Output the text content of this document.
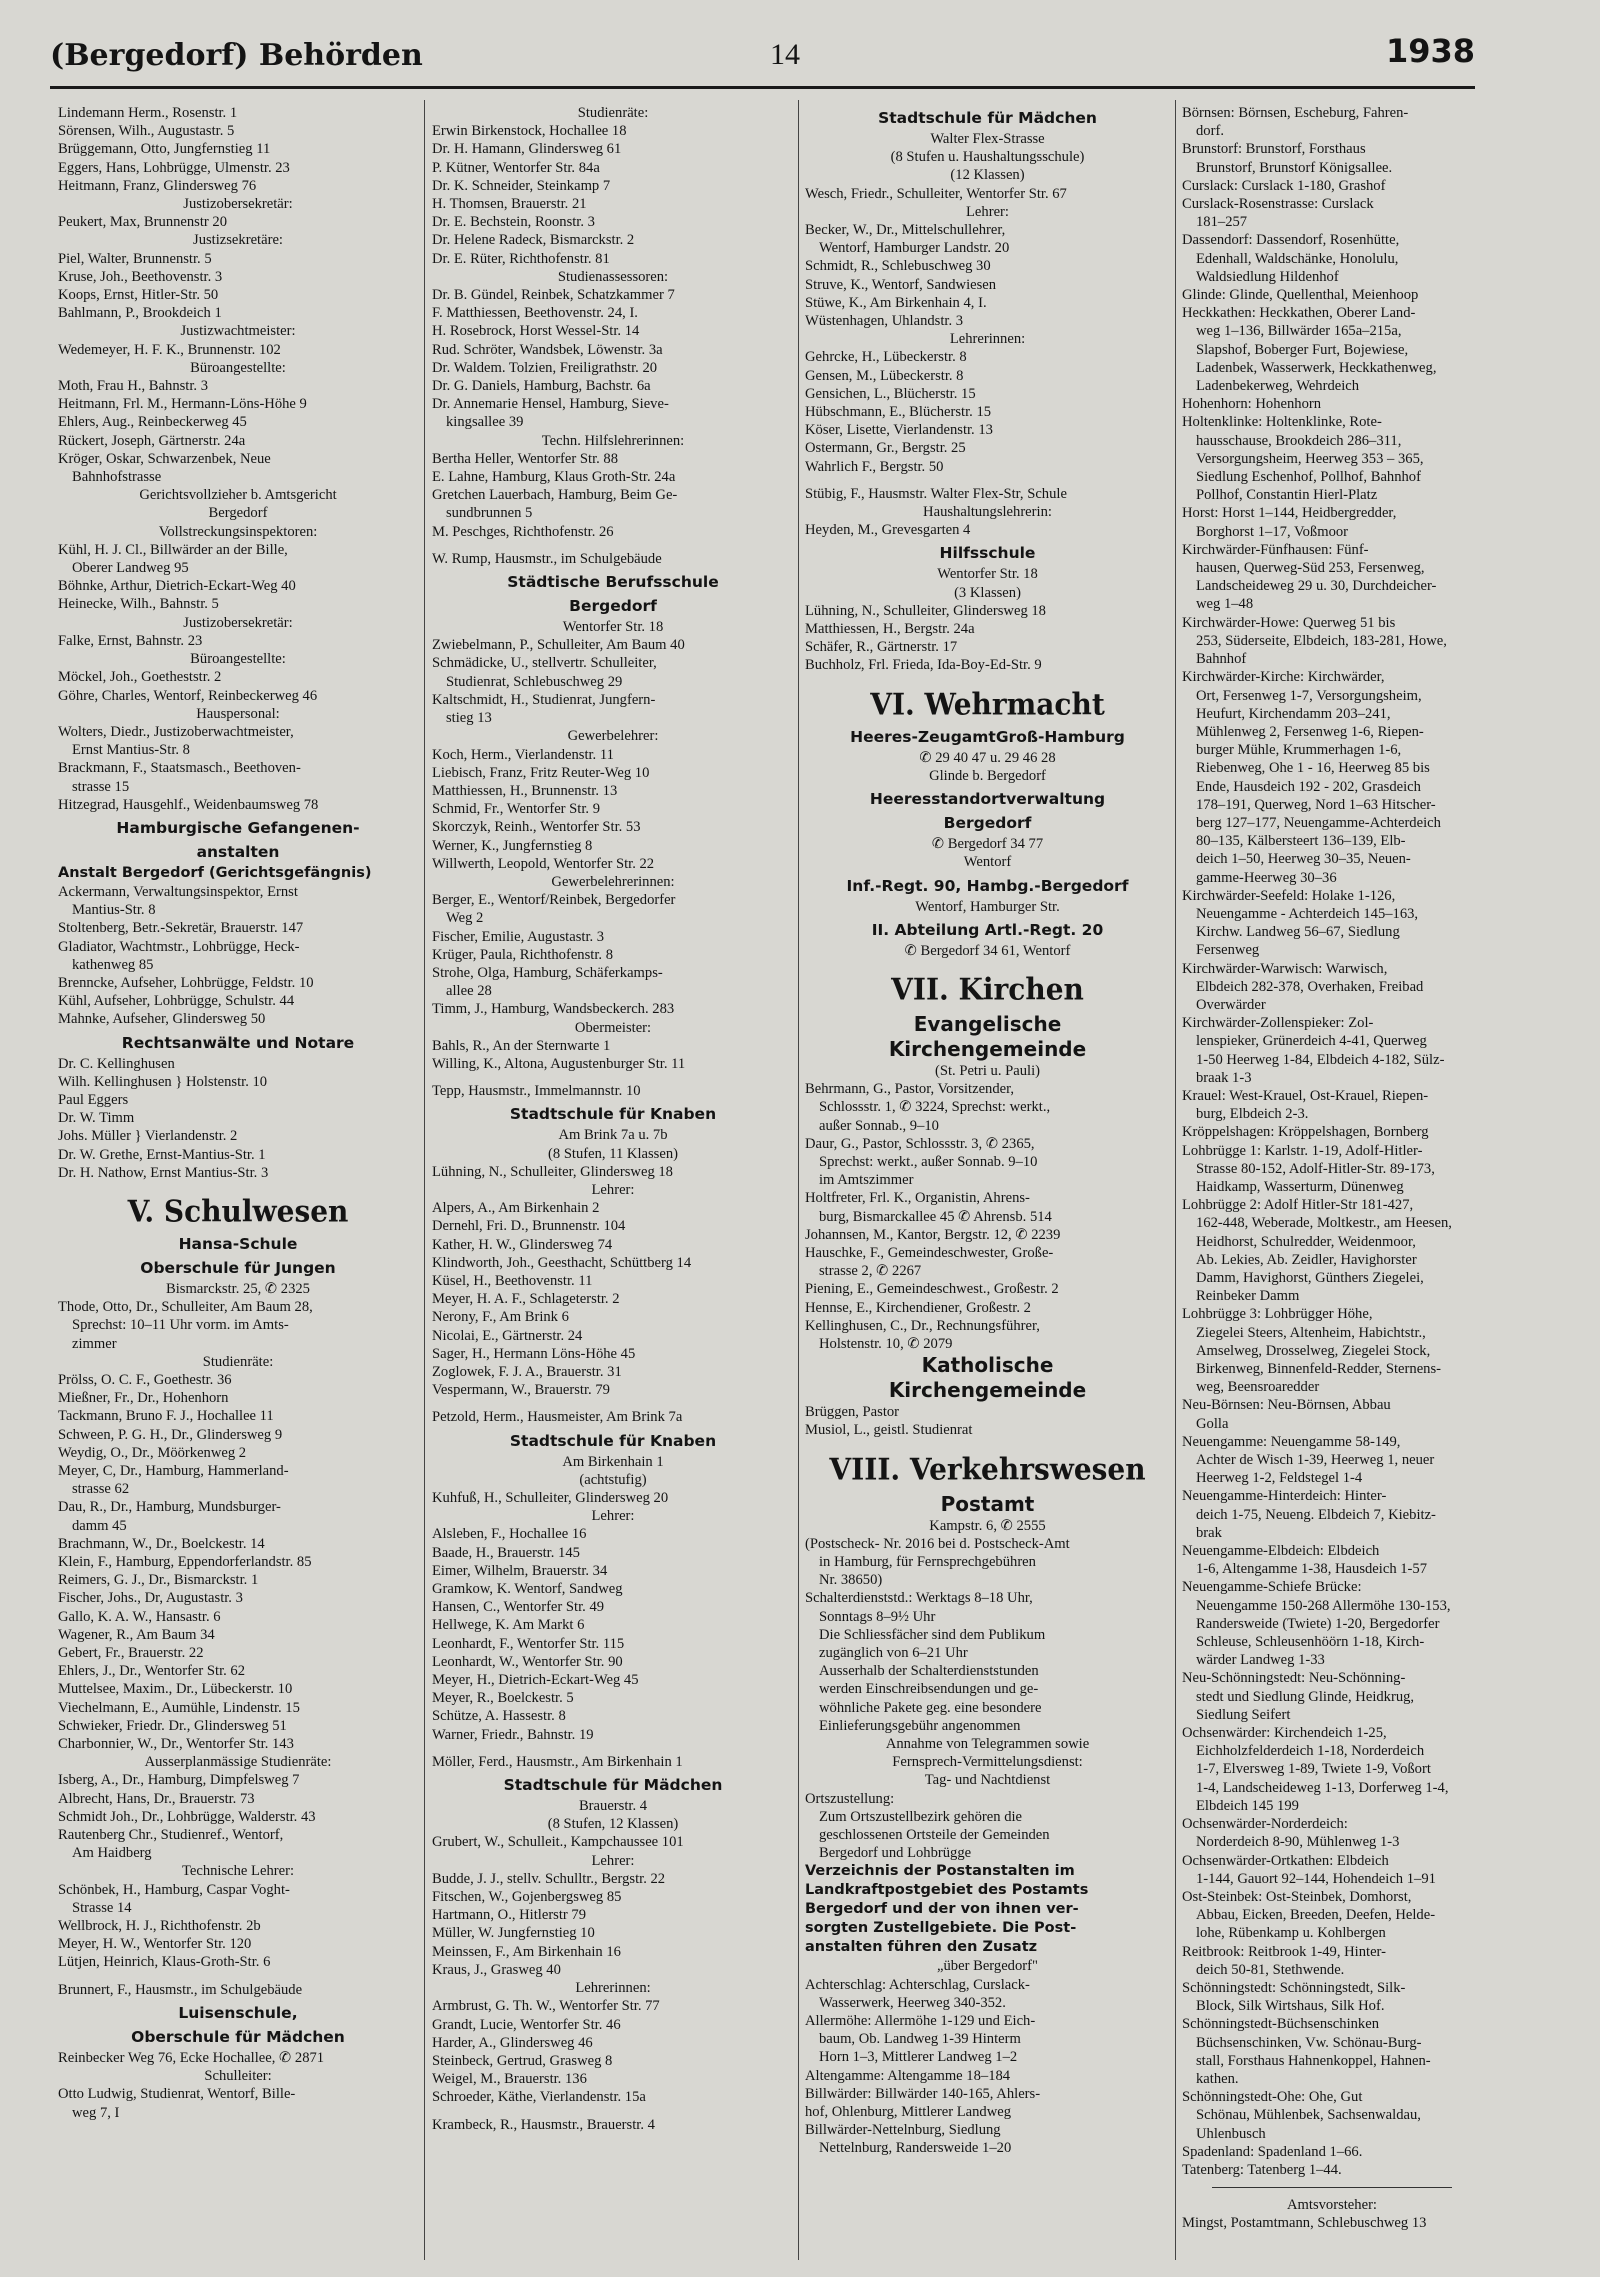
(Bergedorf) Behörden	14	1938
Lindemann Herm., Rosenstr. 1
Sörensen, Wilh., Augustastr. 5
Brüggemann, Otto, Jungfernstieg 11
Eggers, Hans, Lohbrügge, Ulmenstr. 23
Heitmann, Franz, Glindersweg 76
Justizobersekretär:
Peukert, Max, Brunnenstr 20
Justizsekretäre:
Piel, Walter, Brunnenstr. 5
Kruse, Joh., Beethovenstr. 3
Koops, Ernst, Hitler-Str. 50
Bahlmann, P., Brookdeich 1
Justizwachtmeister:
Wedemeyer, H. F. K., Brunnenstr. 102
Büroangestellte:
Moth, Frau H., Bahnstr. 3
Heitmann, Frl. M., Hermann-Löns-Höhe 9
Ehlers, Aug., Reinbeckerweg 45
Rückert, Joseph, Gärtnerstr. 24a
Kröger, Oskar, Schwarzenbek, Neue
Bahnhofstrasse
Gerichtsvollzieher b. Amtsgericht
Bergedorf
Vollstreckungsinspektoren:
Kühl, H. J. Cl., Billwärder an der Bille,
Oberer Landweg 95
Böhnke, Arthur, Dietrich-Eckart-Weg 40
Heinecke, Wilh., Bahnstr. 5
Justizobersekretär:
Falke, Ernst, Bahnstr. 23
Büroangestellte:
Möckel, Joh., Goetheststr. 2
Göhre, Charles, Wentorf, Reinbeckerweg 46
Hauspersonal:
Wolters, Diedr., Justizoberwachtmeister,
Ernst Mantius-Str. 8
Brackmann, F., Staatsmasch., Beethoven-
strasse 15
Hitzegrad, Hausgehlf., Weidenbaumsweg 78
Hamburgische Gefangenen-
anstalten
Anstalt Bergedorf (Gerichtsgefängnis)
Ackermann, Verwaltungsinspektor, Ernst
Mantius-Str. 8
Stoltenberg, Betr.-Sekretär, Brauerstr. 147
Gladiator, Wachtmstr., Lohbrügge, Heck-
kathenweg 85
Brenncke, Aufseher, Lohbrügge, Feldstr. 10
Kühl, Aufseher, Lohbrügge, Schulstr. 44
Mahnke, Aufseher, Glindersweg 50
Rechtsanwälte und Notare
Dr. C. Kellinghusen
Wilh. Kellinghusen } Holstenstr. 10
Paul Eggers
Dr. W. Timm
Johs. Müller } Vierlandenstr. 2
Dr. W. Grethe, Ernst-Mantius-Str. 1
Dr. H. Nathow, Ernst Mantius-Str. 3
V. Schulwesen
Hansa-Schule
Oberschule für Jungen
Bismarckstr. 25, ✆ 2325
Thode, Otto, Dr., Schulleiter, Am Baum 28,
Sprechst: 10–11 Uhr vorm. im Amts-
zimmer
Studienräte:
Prölss, O. C. F., Goethestr. 36
Mießner, Fr., Dr., Hohenhorn
Tackmann, Bruno F. J., Hochallee 11
Schween, P. G. H., Dr., Glindersweg 9
Weydig, O., Dr., Möörkenweg 2
Meyer, C, Dr., Hamburg, Hammerland-
strasse 62
Dau, R., Dr., Hamburg, Mundsburger-
damm 45
Brachmann, W., Dr., Boelckestr. 14
Klein, F., Hamburg, Eppendorferlandstr. 85
Reimers, G. J., Dr., Bismarckstr. 1
Fischer, Johs., Dr, Augustastr. 3
Gallo, K. A. W., Hansastr. 6
Wagener, R., Am Baum 34
Gebert, Fr., Brauerstr. 22
Ehlers, J., Dr., Wentorfer Str. 62
Muttelsee, Maxim., Dr., Lübeckerstr. 10
Viechelmann, E., Aumühle, Lindenstr. 15
Schwieker, Friedr. Dr., Glindersweg 51
Charbonnier, W., Dr., Wentorfer Str. 143
Ausserplanmässige Studienräte:
Isberg, A., Dr., Hamburg, Dimpfelsweg 7
Albrecht, Hans, Dr., Brauerstr. 73
Schmidt Joh., Dr., Lohbrügge, Walderstr. 43
Rautenberg Chr., Studienref., Wentorf,
Am Haidberg
Technische Lehrer:
Schönbek, H., Hamburg, Caspar Voght-
Strasse 14
Wellbrock, H. J., Richthofenstr. 2b
Meyer, H. W., Wentorfer Str. 120
Lütjen, Heinrich, Klaus-Groth-Str. 6
Brunnert, F., Hausmstr., im Schulgebäude
Luisenschule,
Oberschule für Mädchen
Reinbecker Weg 76, Ecke Hochallee, ✆ 2871
Schulleiter:
Otto Ludwig, Studienrat, Wentorf, Bille-
weg 7, I
Studienräte:
Erwin Birkenstock, Hochallee 18
Dr. H. Hamann, Glindersweg 61
P. Kütner, Wentorfer Str. 84a
Dr. K. Schneider, Steinkamp 7
H. Thomsen, Brauerstr. 21
Dr. E. Bechstein, Roonstr. 3
Dr. Helene Radeck, Bismarckstr. 2
Dr. E. Rüter, Richthofenstr. 81
Studienassessoren:
Dr. B. Gündel, Reinbek, Schatzkammer 7
F. Matthiessen, Beethovenstr. 24, I.
H. Rosebrock, Horst Wessel-Str. 14
Rud. Schröter, Wandsbek, Löwenstr. 3a
Dr. Waldem. Tolzien, Freiligrathstr. 20
Dr. G. Daniels, Hamburg, Bachstr. 6a
Dr. Annemarie Hensel, Hamburg, Sieve-
kingsallee 39
Techn. Hilfslehrerinnen:
Bertha Heller, Wentorfer Str. 88
E. Lahne, Hamburg, Klaus Groth-Str. 24a
Gretchen Lauerbach, Hamburg, Beim Ge-
sundbrunnen 5
M. Peschges, Richthofenstr. 26
W. Rump, Hausmstr., im Schulgebäude
Städtische Berufsschule
Bergedorf
Wentorfer Str. 18
Zwiebelmann, P., Schulleiter, Am Baum 40
Schmädicke, U., stellvertr. Schulleiter,
Studienrat, Schlebuschweg 29
Kaltschmidt, H., Studienrat, Jungfern-
stieg 13
Gewerbelehrer:
Koch, Herm., Vierlandenstr. 11
Liebisch, Franz, Fritz Reuter-Weg 10
Matthiessen, H., Brunnenstr. 13
Schmid, Fr., Wentorfer Str. 9
Skorczyk, Reinh., Wentorfer Str. 53
Werner, K., Jungfernstieg 8
Willwerth, Leopold, Wentorfer Str. 22
Gewerbelehrerinnen:
Berger, E., Wentorf/Reinbek, Bergedorfer
Weg 2
Fischer, Emilie, Augustastr. 3
Krüger, Paula, Richthofenstr. 8
Strohe, Olga, Hamburg, Schäferkamps-
allee 28
Timm, J., Hamburg, Wandsbeckerch. 283
Obermeister:
Bahls, R., An der Sternwarte 1
Willing, K., Altona, Augustenburger Str. 11
Tepp, Hausmstr., Immelmannstr. 10
Stadtschule für Knaben
Am Brink 7a u. 7b
(8 Stufen, 11 Klassen)
Lühning, N., Schulleiter, Glindersweg 18
Lehrer:
Alpers, A., Am Birkenhain 2
Dernehl, Fri. D., Brunnenstr. 104
Kather, H. W., Glindersweg 74
Klindworth, Joh., Geesthacht, Schüttberg 14
Küsel, H., Beethovenstr. 11
Meyer, H. A. F., Schlageterstr. 2
Nerony, F., Am Brink 6
Nicolai, E., Gärtnerstr. 24
Sager, H., Hermann Löns-Höhe 45
Zoglowek, F. J. A., Brauerstr. 31
Vespermann, W., Brauerstr. 79
Petzold, Herm., Hausmeister, Am Brink 7a
Stadtschule für Knaben
Am Birkenhain 1
(achtstufig)
Kuhfuß, H., Schulleiter, Glindersweg 20
Lehrer:
Alsleben, F., Hochallee 16
Baade, H., Brauerstr. 145
Eimer, Wilhelm, Brauerstr. 34
Gramkow, K. Wentorf, Sandweg
Hansen, C., Wentorfer Str. 49
Hellwege, K. Am Markt 6
Leonhardt, F., Wentorfer Str. 115
Leonhardt, W., Wentorfer Str. 90
Meyer, H., Dietrich-Eckart-Weg 45
Meyer, R., Boelckestr. 5
Schütze, A. Hassestr. 8
Warner, Friedr., Bahnstr. 19
Möller, Ferd., Hausmstr., Am Birkenhain 1
Stadtschule für Mädchen
Brauerstr. 4
(8 Stufen, 12 Klassen)
Grubert, W., Schulleit., Kampchaussee 101
Lehrer:
Budde, J. J., stellv. Schulltr., Bergstr. 22
Fitschen, W., Gojenbergsweg 85
Hartmann, O., Hitlerstr 79
Müller, W. Jungfernstieg 10
Meinssen, F., Am Birkenhain 16
Kraus, J., Grasweg 40
Lehrerinnen:
Armbrust, G. Th. W., Wentorfer Str. 77
Grandt, Lucie, Wentorfer Str. 46
Harder, A., Glindersweg 46
Steinbeck, Gertrud, Grasweg 8
Weigel, M., Brauerstr. 136
Schroeder, Käthe, Vierlandenstr. 15a
Krambeck, R., Hausmstr., Brauerstr. 4
Stadtschule für Mädchen
Walter Flex-Strasse
(8 Stufen u. Haushaltungsschule)
(12 Klassen)
Wesch, Friedr., Schulleiter, Wentorfer Str. 67
Lehrer:
Becker, W., Dr., Mittelschullehrer,
Wentorf, Hamburger Landstr. 20
Schmidt, R., Schlebuschweg 30
Struve, K., Wentorf, Sandwiesen
Stüwe, K., Am Birkenhain 4, I.
Wüstenhagen, Uhlandstr. 3
Lehrerinnen:
Gehrcke, H., Lübeckerstr. 8
Gensen, M., Lübeckerstr. 8
Gensichen, L., Blücherstr. 15
Hübschmann, E., Blücherstr. 15
Köser, Lisette, Vierlandenstr. 13
Ostermann, Gr., Bergstr. 25
Wahrlich F., Bergstr. 50
Stübig, F., Hausmstr. Walter Flex-Str, Schule
Haushaltungslehrerin:
Heyden, M., Grevesgarten 4
Hilfsschule
Wentorfer Str. 18
(3 Klassen)
Lühning, N., Schulleiter, Glindersweg 18
Matthiessen, H., Bergstr. 24a
Schäfer, R., Gärtnerstr. 17
Buchholz, Frl. Frieda, Ida-Boy-Ed-Str. 9
VI. Wehrmacht
Heeres-ZeugamtGroß-Hamburg
✆ 29 40 47 u. 29 46 28
Glinde b. Bergedorf
Heeresstandortverwaltung
Bergedorf
✆ Bergedorf 34 77
Wentorf
Inf.-Regt. 90, Hambg.-Bergedorf
Wentorf, Hamburger Str.
II. Abteilung Artl.-Regt. 20
✆ Bergedorf 34 61, Wentorf
VII. Kirchen
Evangelische
Kirchengemeinde
(St. Petri u. Pauli)
Behrmann, G., Pastor, Vorsitzender,
Schlossstr. 1, ✆ 3224, Sprechst: werkt.,
außer Sonnab., 9–10
Daur, G., Pastor, Schlossstr. 3, ✆ 2365,
Sprechst: werkt., außer Sonnab. 9–10
im Amtszimmer
Holtfreter, Frl. K., Organistin, Ahrens-
burg, Bismarckallee 45 ✆ Ahrensb. 514
Johannsen, M., Kantor, Bergstr. 12, ✆ 2239
Hauschke, F., Gemeindeschwester, Große-
strasse 2, ✆ 2267
Piening, E., Gemeindeschwest., Großestr. 2
Hennse, E., Kirchendiener, Großestr. 2
Kellinghusen, C., Dr., Rechnungsführer,
Holstenstr. 10, ✆ 2079
Katholische
Kirchengemeinde
Brüggen, Pastor
Musiol, L., geistl. Studienrat
VIII. Verkehrswesen
Postamt
Kampstr. 6, ✆ 2555
(Postscheck- Nr. 2016 bei d. Postscheck-Amt
in Hamburg, für Fernsprechgebühren
Nr. 38650)
Schalterdienststd.: Werktags 8–18 Uhr,
Sonntags 8–9½ Uhr
Die Schliessfächer sind dem Publikum
zugänglich von 6–21 Uhr
Ausserhalb der Schalterdienststunden
werden Einschreibsendungen und ge-
wöhnliche Pakete geg. eine besondere
Einlieferungsgebühr angenommen
Annahme von Telegrammen sowie
Fernsprech-Vermittelungsdienst:
Tag- und Nachtdienst
Ortszustellung:
Zum Ortszustellbezirk gehören die
geschlossenen Ortsteile der Gemeinden
Bergedorf und Lohbrügge
Verzeichnis der Postanstalten im
Landkraftpostgebiet des Postamts
Bergedorf und der von ihnen ver-
sorgten Zustellgebiete. Die Post-
anstalten führen den Zusatz
„über Bergedorf"
Achterschlag: Achterschlag, Curslack-
Wasserwerk, Heerweg 340-352.
Allermöhe: Allermöhe 1-129 und Eich-
baum, Ob. Landweg 1-39 Hinterm
Horn 1–3, Mittlerer Landweg 1–2
Altengamme: Altengamme 18–184
Billwärder: Billwärder 140-165, Ahlers-
hof, Ohlenburg, Mittlerer Landweg
Billwärder-Nettelnburg, Siedlung
Nettelnburg, Randersweide 1–20
Börnsen: Börnsen, Escheburg, Fahren-
dorf.
Brunstorf: Brunstorf, Forsthaus
Brunstorf, Brunstorf Königsallee.
Curslack: Curslack 1-180, Grashof
Curslack-Rosenstrasse: Curslack
181–257
Dassendorf: Dassendorf, Rosenhütte,
Edenhall, Waldschänke, Honolulu,
Waldsiedlung Hildenhof
Glinde: Glinde, Quellenthal, Meienhoop
Heckkathen: Heckkathen, Oberer Land-
weg 1–136, Billwärder 165a–215a,
Slapshof, Boberger Furt, Bojewiese,
Ladenbek, Wasserwerk, Heckkathenweg,
Ladenbekerweg, Wehrdeich
Hohenhorn: Hohenhorn
Holtenklinke: Holtenklinke, Rote-
hausschause, Brookdeich 286–311,
Versorgungsheim, Heerweg 353 – 365,
Siedlung Eschenhof, Pollhof, Bahnhof
Pollhof, Constantin Hierl-Platz
Horst: Horst 1–144, Heidbergredder,
Borghorst 1–17, Voßmoor
Kirchwärder-Fünfhausen: Fünf-
hausen, Querweg-Süd 253, Fersenweg,
Landscheideweg 29 u. 30, Durchdeicher-
weg 1–48
Kirchwärder-Howe: Querweg 51 bis
253, Süderseite, Elbdeich, 183-281, Howe,
Bahnhof
Kirchwärder-Kirche: Kirchwärder,
Ort, Fersenweg 1-7, Versorgungsheim,
Heufurt, Kirchendamm 203–241,
Mühlenweg 2, Fersenweg 1-6, Riepen-
burger Mühle, Krummerhagen 1-6,
Riebenweg, Ohe 1 - 16, Heerweg 85 bis
Ende, Hausdeich 192 - 202, Grasdeich
178–191, Querweg, Nord 1–63 Hitscher-
berg 127–177, Neuengamme-Achterdeich
80–135, Kälbersteert 136–139, Elb-
deich 1–50, Heerweg 30–35, Neuen-
gamme-Heerweg 30–36
Kirchwärder-Seefeld: Holake 1-126,
Neuengamme - Achterdeich 145–163,
Kirchw. Landweg 56–67, Siedlung
Fersenweg
Kirchwärder-Warwisch: Warwisch,
Elbdeich 282-378, Overhaken, Freibad
Overwärder
Kirchwärder-Zollenspieker: Zol-
lenspieker, Grünerdeich 4-41, Querweg
1-50 Heerweg 1-84, Elbdeich 4-182, Sülz-
braak 1-3
Krauel: West-Krauel, Ost-Krauel, Riepen-
burg, Elbdeich 2-3.
Kröppelshagen: Kröppelshagen, Bornberg
Lohbrügge 1: Karlstr. 1-19, Adolf-Hitler-
Strasse 80-152, Adolf-Hitler-Str. 89-173,
Haidkamp, Wasserturm, Dünenweg
Lohbrügge 2: Adolf Hitler-Str 181-427,
162-448, Weberade, Moltkestr., am Heesen,
Heidhorst, Schulredder, Weidenmoor,
Ab. Lekies, Ab. Zeidler, Havighorster
Damm, Havighorst, Günthers Ziegelei,
Reinbeker Damm
Lohbrügge 3: Lohbrügger Höhe,
Ziegelei Steers, Altenheim, Habichtstr.,
Amselweg, Drosselweg, Ziegelei Stock,
Birkenweg, Binnenfeld-Redder, Sternens-
weg, Beensroaredder
Neu-Börnsen: Neu-Börnsen, Abbau
Golla
Neuengamme: Neuengamme 58-149,
Achter de Wisch 1-39, Heerweg 1, neuer
Heerweg 1-2, Feldstegel 1-4
Neuengamme-Hinterdeich: Hinter-
deich 1-75, Neueng. Elbdeich 7, Kiebitz-
brak
Neuengamme-Elbdeich: Elbdeich
1-6, Altengamme 1-38, Hausdeich 1-57
Neuengamme-Schiefe Brücke:
Neuengamme 150-268 Allermöhe 130-153,
Randersweide (Twiete) 1-20, Bergedorfer
Schleuse, Schleusenhöörn 1-18, Kirch-
wärder Landweg 1-33
Neu-Schönningstedt: Neu-Schönning-
stedt und Siedlung Glinde, Heidkrug,
Siedlung Seifert
Ochsenwärder: Kirchendeich 1-25,
Eichholzfelderdeich 1-18, Norderdeich
1-7, Elversweg 1-89, Twiete 1-9, Voßort
1-4, Landscheideweg 1-13, Dorferweg 1-4,
Elbdeich 145 199
Ochsenwärder-Norderdeich:
Norderdeich 8-90, Mühlenweg 1-3
Ochsenwärder-Ortkathen: Elbdeich
1-144, Gauort 92–144, Hohendeich 1–91
Ost-Steinbek: Ost-Steinbek, Domhorst,
Abbau, Eicken, Breeden, Deefen, Helde-
lohe, Rübenkamp u. Kohlbergen
Reitbrook: Reitbrook 1-49, Hinter-
deich 50-81, Stethwende.
Schönningstedt: Schönningstedt, Silk-
Block, Silk Wirtshaus, Silk Hof.
Schönningstedt-Büchsenschinken
Büchsenschinken, Vw. Schönau-Burg-
stall, Forsthaus Hahnenkoppel, Hahnen-
kathen.
Schönningstedt-Ohe: Ohe, Gut
Schönau, Mühlenbek, Sachsenwaldau,
Uhlenbusch
Spadenland: Spadenland 1–66.
Tatenberg: Tatenberg 1–44.
Amtsvorsteher:
Mingst, Postamtmann, Schlebuschweg 13
